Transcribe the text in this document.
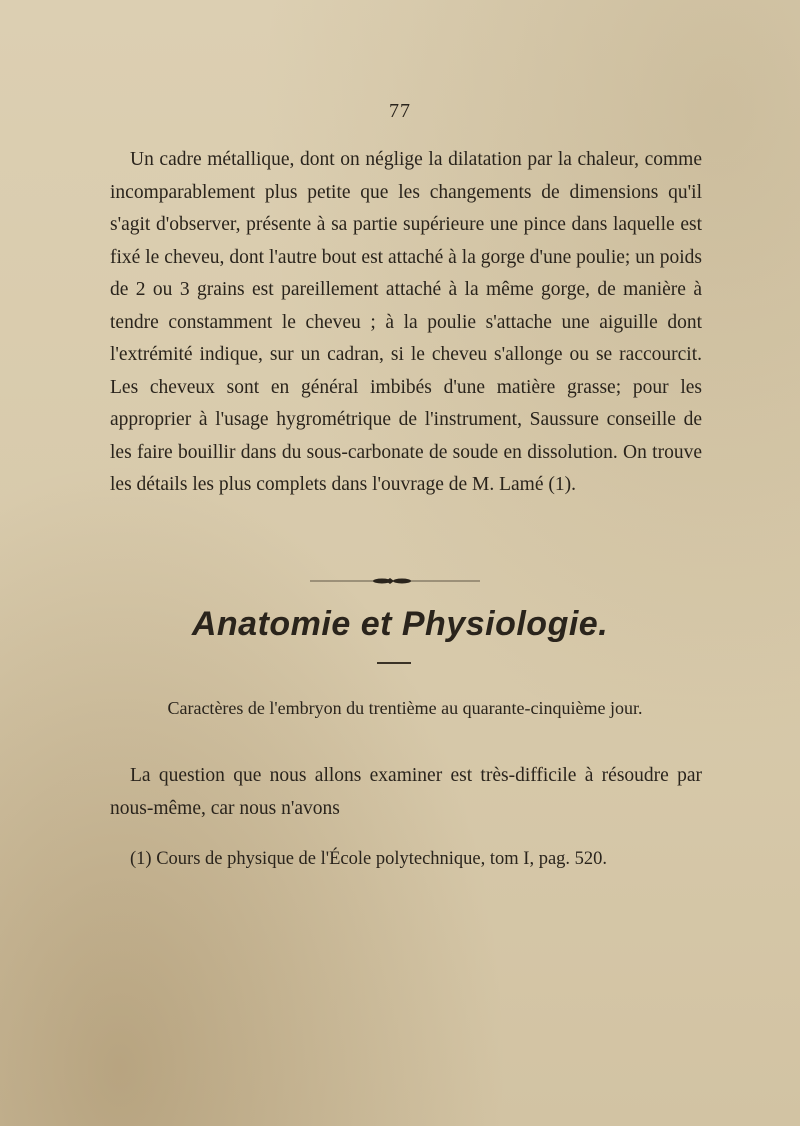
77

Un cadre métallique, dont on néglige la dilatation par la chaleur, comme incomparablement plus petite que les changements de dimensions qu'il s'agit d'observer, présente à sa partie supérieure une pince dans laquelle est fixé le cheveu, dont l'autre bout est attaché à la gorge d'une poulie; un poids de 2 ou 3 grains est pareillement attaché à la même gorge, de manière à tendre constamment le cheveu ; à la poulie s'attache une aiguille dont l'extrémité indique, sur un cadran, si le cheveu s'allonge ou se raccourcit. Les cheveux sont en général imbibés d'une matière grasse; pour les approprier à l'usage hygrométrique de l'instrument, Saussure conseille de les faire bouillir dans du sous-carbonate de soude en dissolution. On trouve les détails les plus complets dans l'ouvrage de M. Lamé (1).

Anatomie et Physiologie.

Caractères de l'embryon du trentième au quarante-cinquième jour.

La question que nous allons examiner est très-difficile à résoudre par nous-même, car nous n'avons

(1) Cours de physique de l'École polytechnique, tom I, pag. 520.
